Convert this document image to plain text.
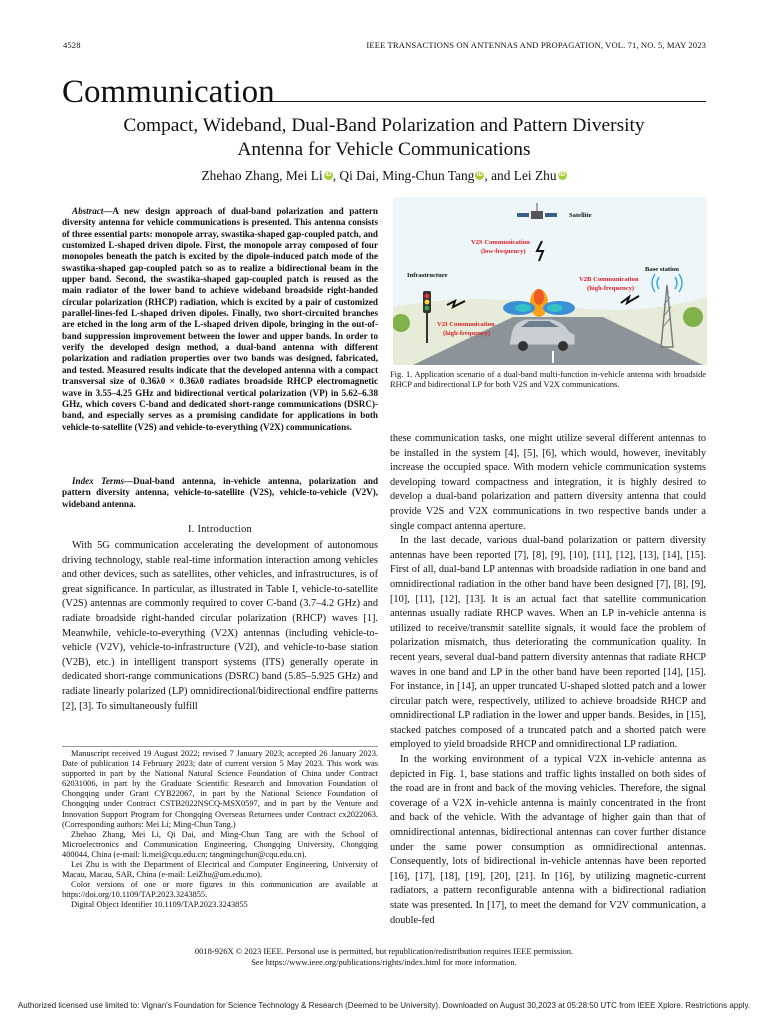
4528	IEEE TRANSACTIONS ON ANTENNAS AND PROPAGATION, VOL. 71, NO. 5, MAY 2023
Communication
Compact, Wideband, Dual-Band Polarization and Pattern Diversity
Antenna for Vehicle Communications
Zhehao Zhang, Mei Li iD , Qi Dai, Ming-Chun Tang iD , and Lei Zhu iD
Abstract—A new design approach of dual-band polarization and pattern diversity antenna for vehicle communications is presented. This antenna consists of three essential parts: monopole array, swastika-shaped gap-coupled patch, and customized L-shaped driven dipole. First, the monopole array composed of four monopoles beneath the patch is excited by the dipole-induced patch mode of the swastika-shaped gap-coupled patch so as to realize a bidirectional beam in the upper band. Second, the swastika-shaped gap-coupled patch is reused as the main radiator of the lower band to achieve wideband broadside right-handed circular polarization (RHCP) radiation, which is excited by a pair of customized parallel-lines-fed L-shaped driven dipoles. Finally, two short-circuited branches are etched in the long arm of the L-shaped driven dipole, bringing in the out-of-band suppression improvement between the lower and upper bands. In order to verify the developed design method, a dual-band antenna with different polarization and radiation properties over two bands was designed, fabricated, and tested. Measured results indicate that the developed antenna with a compact transversal size of 0.36λ0 × 0.36λ0 radiates broadside RHCP electromagnetic wave in 3.55–4.25 GHz and bidirectional vertical polarization (VP) in 5.62–6.38 GHz, which covers C-band and dedicated short-range communications (DSRC)-band, and especially serves as a promising candidate for applications in both vehicle-to-satellite (V2S) and vehicle-to-everything (V2X) communications.
Index Terms—Dual-band antenna, in-vehicle antenna, polarization and pattern diversity antenna, vehicle-to-satellite (V2S), vehicle-to-vehicle (V2V), wideband antenna.
I. Introduction
With 5G communication accelerating the development of autonomous driving technology, stable real-time information interaction among vehicles and other devices, such as satellites, other vehicles, and infrastructures, is of great significance. In particular, as illustrated in Table I, vehicle-to-satellite (V2S) antennas are commonly required to cover C-band (3.7–4.2 GHz) and radiate broadside right-handed circular polarization (RHCP) waves [1]. Meanwhile, vehicle-to-everything (V2X) antennas (including vehicle-to-vehicle (V2V), vehicle-to-infrastructure (V2I), and vehicle-to-base station (V2B), etc.) in intelligent transport systems (ITS) generally operate in dedicated short-range communications (DSRC) band (5.85–5.925 GHz) and radiate linearly polarized (LP) omnidirectional/bidirectional endfire patterns [2], [3]. To simultaneously fulfill

Manuscript received 19 August 2022; revised 7 January 2023; accepted 26 January 2023. Date of publication 14 February 2023; date of current version 5 May 2023. This work was supported in part by the National Natural Science Foundation of China under Contract 62031006, in part by the Graduate Scientific Research and Innovation Foundation of Chongqing under Grant CYB22067, in part by the National Science Foundation of Chongqing under Contract CSTB2022NSCQ-MSX0597, and in part by the Venture and Innovation Support Program for Chongqing Overseas Returnees under Contract cx2022063. (Corresponding authors: Mei Li; Ming-Chun Tang.)

Zhehao Zhang, Mei Li, Qi Dai, and Ming-Chun Tang are with the School of Microelectronics and Communication Engineering, Chongqing University, Chongqing 400044, China (e-mail: li.mei@cqu.edu.cn; tangmingchun@cqu.edu.cn).

Lei Zhu is with the Department of Electrical and Computer Engineering, University of Macau, Macau, SAR, China (e-mail: LeiZhu@um.edu.mo).

Color versions of one or more figures in this communication are available at https://doi.org/10.1109/TAP.2023.3243855.

Digital Object Identifier 10.1109/TAP.2023.3243855

Satellite
V2S Communication
(low-frequency)
Infrastructure
V2I Communication
(high-frequency)
Base station
V2B Communication
(high-frequency)
Fig. 1. Application scenario of a dual-band multi-function in-vehicle antenna with broadside RHCP and bidirectional LP for both V2S and V2X communications.

these communication tasks, one might utilize several different antennas to be installed in the system [4], [5], [6], which would, however, inevitably increase the occupied space. With modern vehicle communication systems developing toward compactness and integration, it is highly desired to develop a dual-band polarization and pattern diversity antenna that could provide V2S and V2X communications in two respective bands under a single compact antenna aperture.

In the last decade, various dual-band polarization or pattern diversity antennas have been reported [7], [8], [9], [10], [11], [12], [13], [14], [15]. First of all, dual-band LP antennas with broadside radiation in one band and omnidirectional radiation in the other band have been designed [7], [8], [9], [10], [11], [12], [13]. It is an actual fact that satellite communication antennas usually radiate RHCP waves. When an LP in-vehicle antenna is utilized to receive/transmit satellite signals, it would face the problem of polarization mismatch, thus deteriorating the communication quality. In recent years, several dual-band pattern diversity antennas that radiate RHCP waves in one band and LP in the other band have been reported [14], [15]. For instance, in [14], an upper truncated U-shaped slotted patch and a lower circular patch were, respectively, utilized to achieve broadside RHCP and omnidirectional LP radiation in the lower and upper bands. Besides, in [15], stacked patches composed of a truncated patch and a shorted patch were employed to yield broadside RHCP and omnidirectional LP radiation.

In the working environment of a typical V2X in-vehicle antenna as depicted in Fig. 1, base stations and traffic lights installed on both sides of the road are in front and back of the moving vehicles. Therefore, the signal coverage of a V2X in-vehicle antenna is mainly concentrated in the front and back of the vehicle. With the advantage of higher gain than that of omnidirectional antennas, bidirectional antennas can cover further distance under the same power consumption as omnidirectional antennas. Consequently, lots of bidirectional in-vehicle antennas have been reported [16], [17], [18], [19], [20], [21]. In [16], by utilizing magnetic-current radiators, a pattern reconfigurable antenna with a bidirectional radiation state was presented. In [17], to meet the demand for V2V communication, a double-fed

0018-926X © 2023 IEEE. Personal use is permitted, but republication/redistribution requires IEEE permission.
See https://www.ieee.org/publications/rights/index.html for more information.
Authorized licensed use limited to: Vignan's Foundation for Science Technology & Research (Deemed to be University). Downloaded on August 30,2023 at 05:28:50 UTC from IEEE Xplore. Restrictions apply.
